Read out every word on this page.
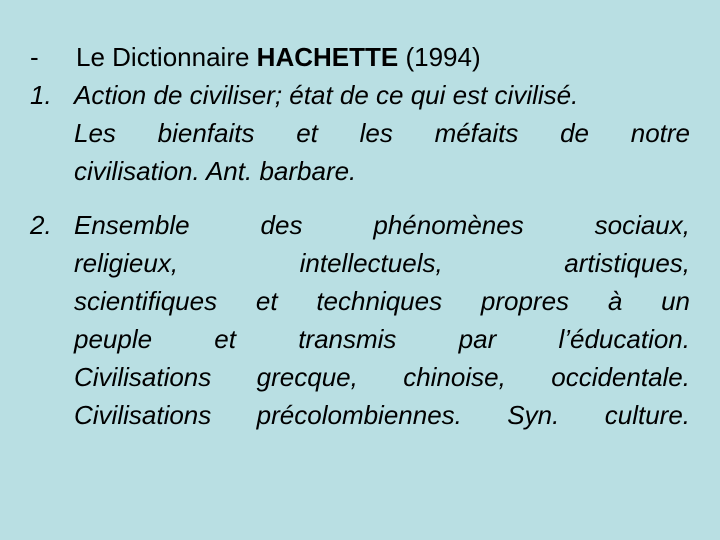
- Le Dictionnaire HACHETTE (1994)
1. Action de civiliser; état de ce qui est civilisé.
Les bienfaits et les méfaits de notre
civilisation. Ant. barbare.
2. Ensemble des phénomènes sociaux,
religieux, intellectuels, artistiques,
scientifiques et techniques propres à un
peuple et transmis par l’éducation.
Civilisations grecque, chinoise, occidentale.
Civilisations précolombiennes. Syn. culture.
